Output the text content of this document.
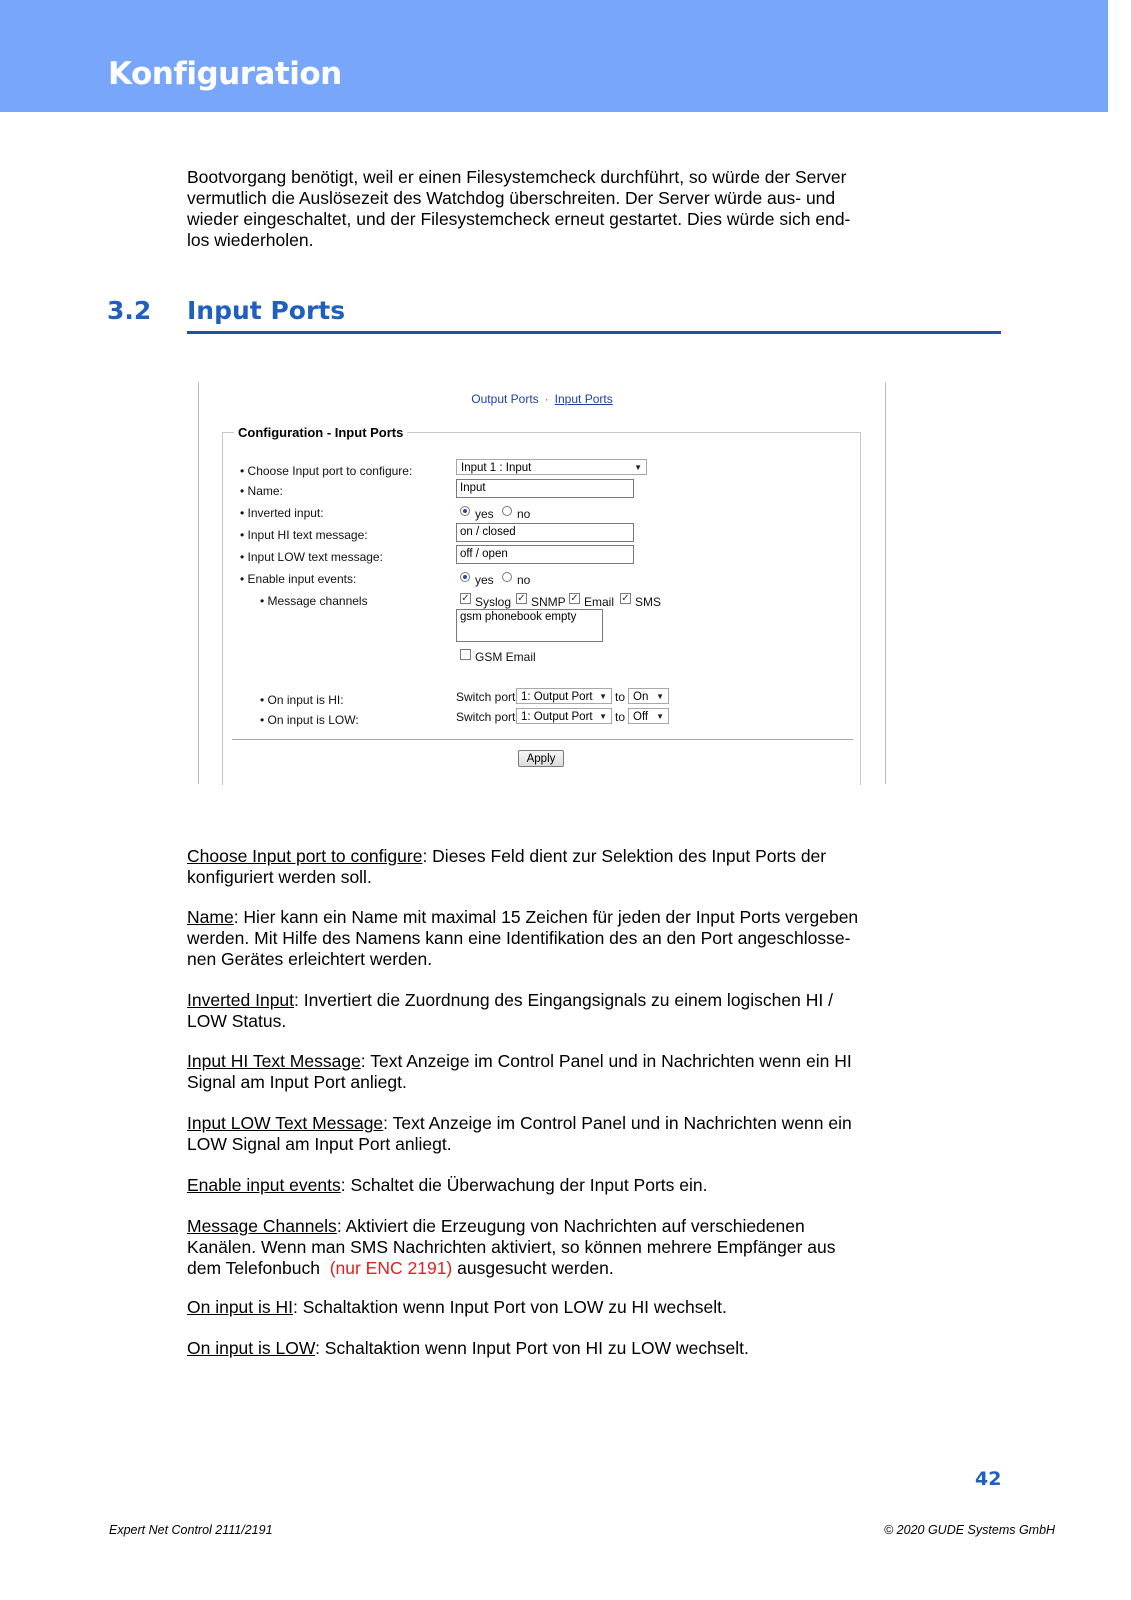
Konfiguration
Bootvorgang benötigt, weil er einen Filesystemcheck durchführt, so würde der Server
vermutlich die Auslösezeit des Watchdog überschreiten. Der Server würde aus- und
wieder eingeschaltet, und der Filesystemcheck erneut gestartet. Dies würde sich end-
los wiederholen.
3.2 Input Ports
Output Ports · Input Ports
Configuration - Input Ports
• Choose Input port to configure:	Input 1 : Input	▼
• Name:	Input
• Inverted input:	yes no
• Input HI text message:	on / closed
• Input LOW text message:	off / open
• Enable input events:	yes no
• Message channels	✓ Syslog ✓ SNMP ✓ Email ✓ SMS
gsm phonebook empty
GSM Email
• On input is HI:	Switch port 1: Output Port ▼ to On ▼
• On input is LOW:	Switch port 1: Output Port ▼ to Off ▼
Apply
Choose Input port to configure: Dieses Feld dient zur Selektion des Input Ports der
konfiguriert werden soll.
Name: Hier kann ein Name mit maximal 15 Zeichen für jeden der Input Ports vergeben
werden. Mit Hilfe des Namens kann eine Identifikation des an den Port angeschlosse-
nen Gerätes erleichtert werden.
Inverted Input: Invertiert die Zuordnung des Eingangsignals zu einem logischen HI /
LOW Status.
Input HI Text Message: Text Anzeige im Control Panel und in Nachrichten wenn ein HI
Signal am Input Port anliegt.
Input LOW Text Message: Text Anzeige im Control Panel und in Nachrichten wenn ein
LOW Signal am Input Port anliegt.
Enable input events: Schaltet die Überwachung der Input Ports ein.
Message Channels: Aktiviert die Erzeugung von Nachrichten auf verschiedenen
Kanälen. Wenn man SMS Nachrichten aktiviert, so können mehrere Empfänger aus
dem Telefonbuch  (nur ENC 2191) ausgesucht werden.
On input is HI: Schaltaktion wenn Input Port von LOW zu HI wechselt.
On input is LOW: Schaltaktion wenn Input Port von HI zu LOW wechselt.
42
Expert Net Control 2111/2191	© 2020 GUDE Systems GmbH
